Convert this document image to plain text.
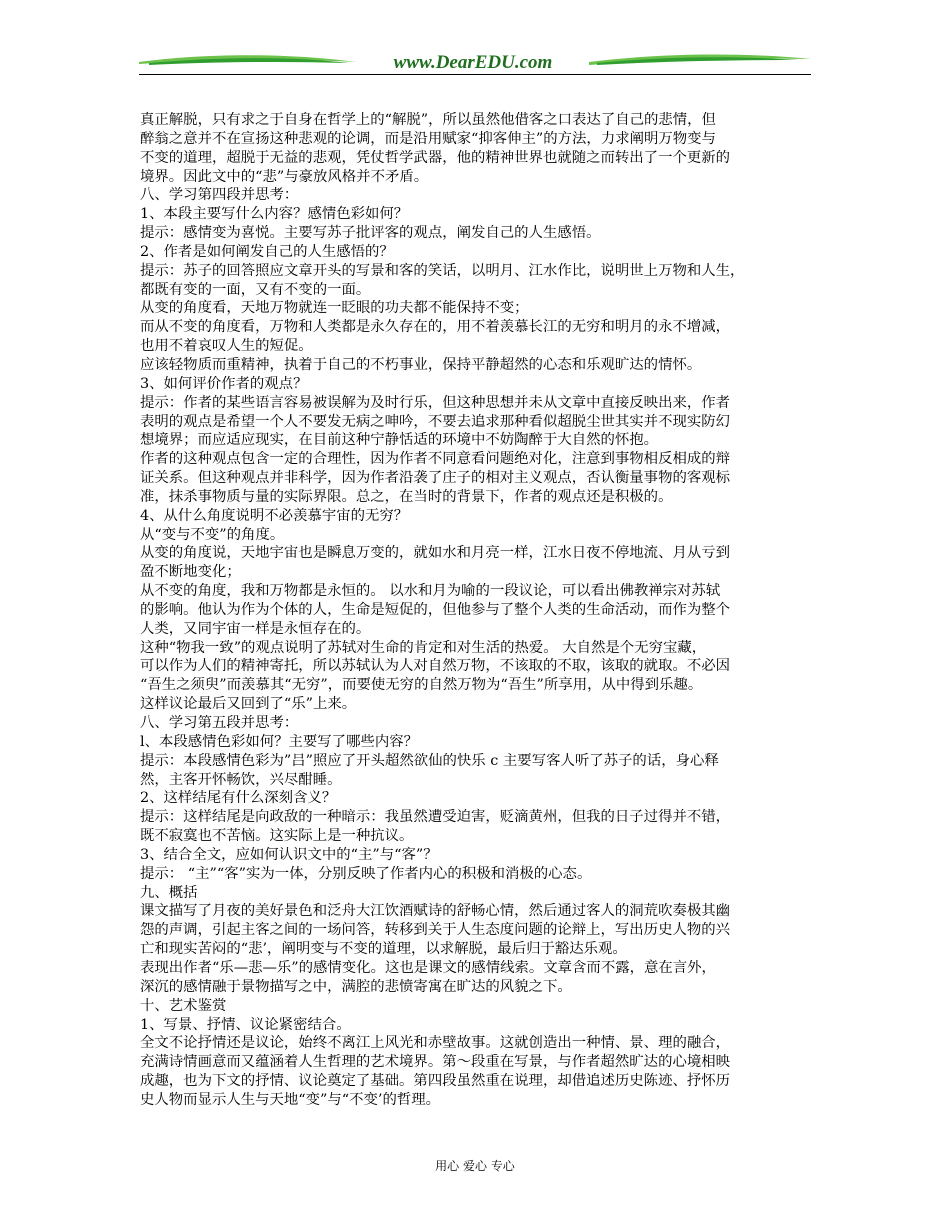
www.DearEDU.com
真正解脱，只有求之于自身在哲学上的“解脱”，所以虽然他借客之口表达了自己的悲情，但
醉翁之意并不在宣扬这种悲观的论调，而是沿用赋家“抑客伸主”的方法，力求阐明万物变与
不变的道理，超脱于无益的悲观，凭仗哲学武器，他的精神世界也就随之而转出了一个更新的
境界。因此文中的“悲”与豪放风格并不矛盾。
八、学习第四段并思考：
1、本段主要写什么内容？感情色彩如何？
提示：感情变为喜悦。主要写苏子批评客的观点，阐发自己的人生感悟。
2、作者是如何阐发自己的人生感悟的？
提示：苏子的回答照应文章开头的写景和客的笑话，以明月、江水作比，说明世上万物和人生，
都既有变的一面，又有不变的一面。
从变的角度看，天地万物就连一眨眼的功夫都不能保持不变；
而从不变的角度看，万物和人类都是永久存在的，用不着羡慕长江的无穷和明月的永不增减，
也用不着哀叹人生的短促。
应该轻物质而重精神，执着于自己的不朽事业，保持平静超然的心态和乐观旷达的情怀。
3、如何评价作者的观点？
提示：作者的某些语言容易被误解为及时行乐，但这种思想并未从文章中直接反映出来，作者
表明的观点是希望一个人不要发无病之呻吟，不要去追求那种看似超脱尘世其实并不现实防幻
想境界；而应适应现实，在目前这种宁静恬适的环境中不妨陶醉于大自然的怀抱。
作者的这种观点包含一定的合理性，因为作者不同意看问题绝对化，注意到事物相反相成的辩
证关系。但这种观点并非科学，因为作者沿袭了庄子的相对主义观点，否认衡量事物的客观标
准，抹杀事物质与量的实际界限。总之，在当时的背景下，作者的观点还是积极的。
4、从什么角度说明不必羡慕宇宙的无穷？
从“变与不变”的角度。
从变的角度说，天地宇宙也是瞬息万变的，就如水和月亮一样，江水日夜不停地流、月从亏到
盈不断地变化；
从不变的角度，我和万物都是永恒的。 以水和月为喻的一段议论，可以看出佛教禅宗对苏轼
的影响。他认为作为个体的人，生命是短促的，但他参与了整个人类的生命活动，而作为整个
人类，又同宇宙一样是永恒存在的。
这种“物我一致”的观点说明了苏轼对生命的肯定和对生活的热爱。 大自然是个无穷宝藏，
可以作为人们的精神寄托，所以苏轼认为人对自然万物，不该取的不取，该取的就取。不必因
“吾生之须臾”而羡慕其“无穷”，而要使无穷的自然万物为“吾生”所享用，从中得到乐趣。
这样议论最后又回到了“乐”上来。
八、学习第五段并思考：
l、本段感情色彩如何？主要写了哪些内容？
提示：本段感情色彩为”吕”照应了开头超然欲仙的快乐 c 主要写客人听了苏子的话，身心释
然，主客开怀畅饮，兴尽酣睡。
2、这样结尾有什么深刻含义？
提示：这样结尾是向政敌的一种暗示：我虽然遭受迫害，贬滴黄州，但我的日子过得并不错，
既不寂寞也不苦恼。这实际上是一种抗议。
3、结合全文，应如何认识文中的“主”与“客”？
提示： “主”“客”实为一体，分别反映了作者内心的积极和消极的心态。
九、概括
课文描写了月夜的美好景色和泛舟大江饮酒赋诗的舒畅心情，然后通过客人的洞荒吹奏极其幽
怨的声调，引起主客之间的一场问答，转移到关于人生态度问题的论辩上，写出历史人物的兴
亡和现实苦闷的“悲’，阐明变与不变的道理，以求解脱，最后归于豁达乐观。
表现出作者“乐—悲—乐”的感情变化。这也是课文的感情线索。文章含而不露，意在言外，
深沉的感情融于景物描写之中，满腔的悲愤寄寓在旷达的风貌之下。
十、艺术鉴赏
1、写景、抒情、议论紧密结合。
全文不论抒情还是议论，始终不离江上风光和赤壁故事。这就创造出一种情、景、理的融合，
充满诗情画意而又蕴涵着人生哲理的艺术境界。第～段重在写景，与作者超然旷达的心境相映
成趣，也为下文的抒情、议论奠定了基础。第四段虽然重在说理，却借追述历史陈迹、抒怀历
史人物而显示人生与天地“变”与“不变’的哲理。
用心 爱心 专心
